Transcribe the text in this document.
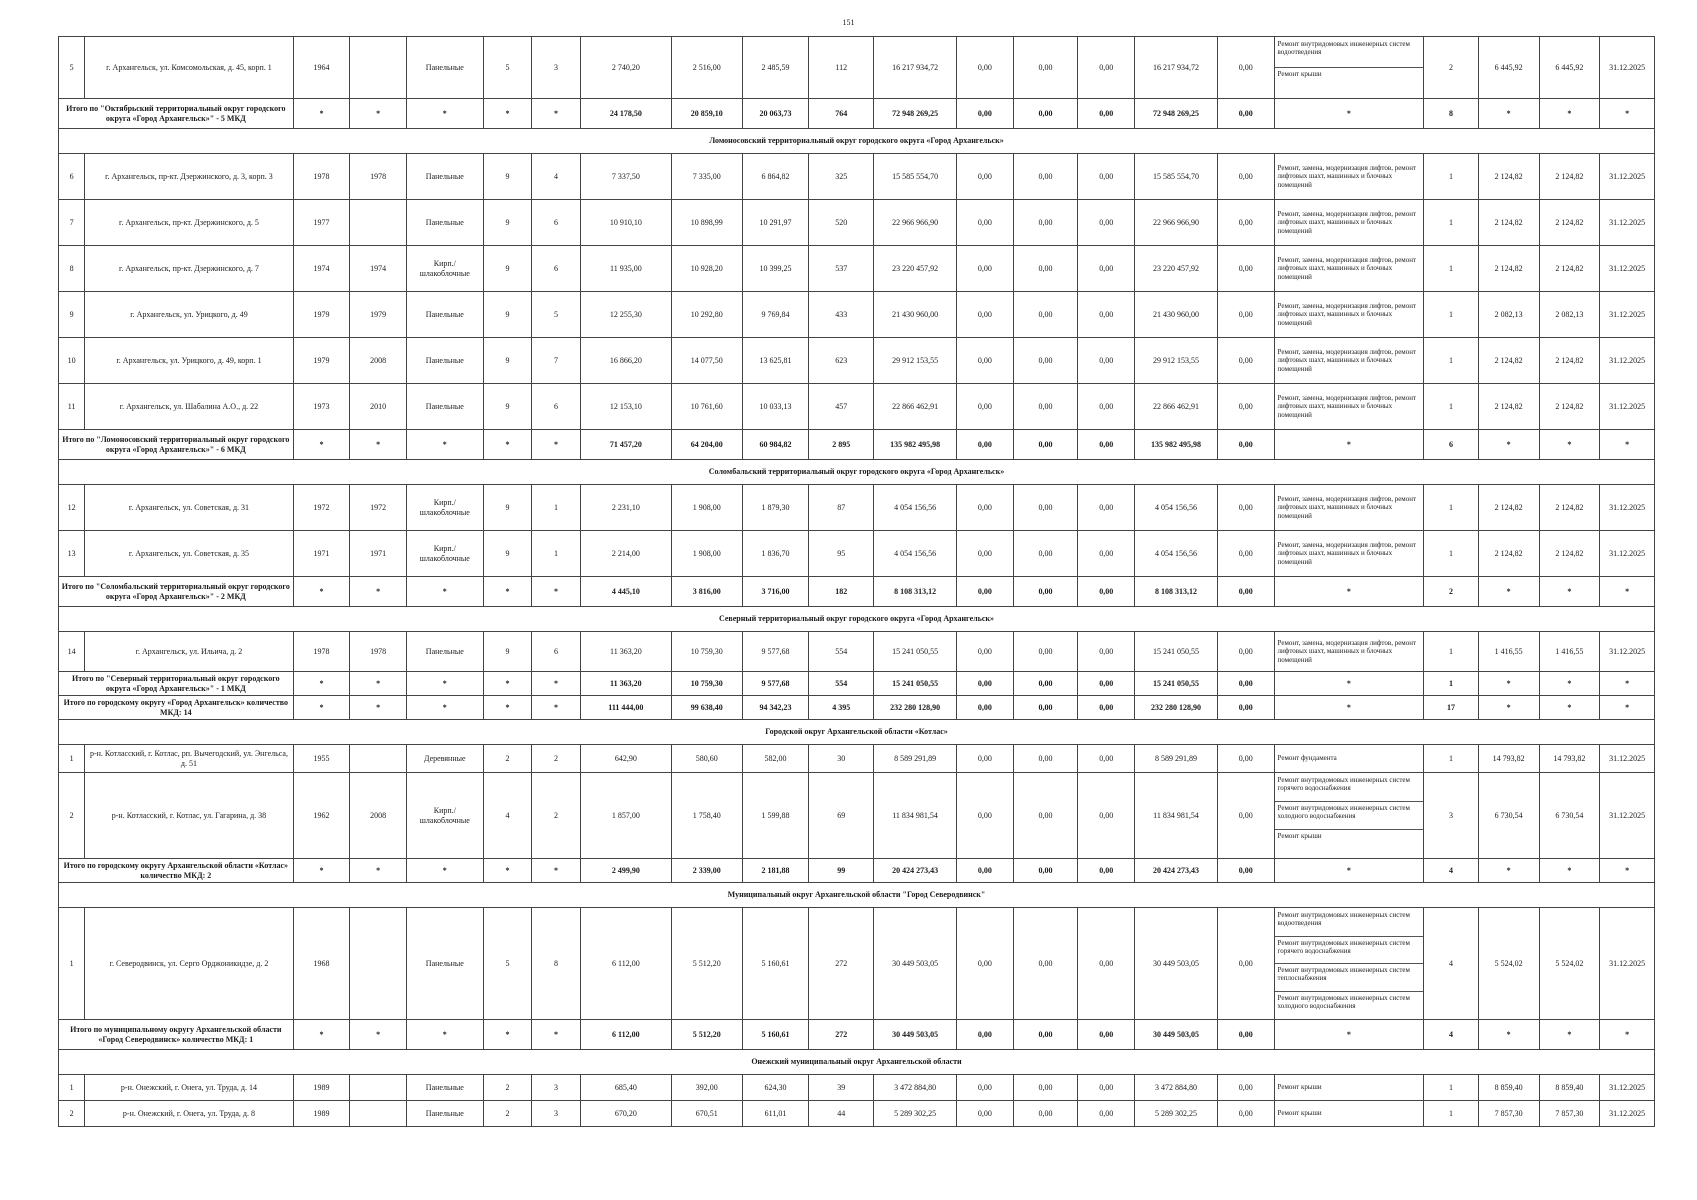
151
5	г. Архангельск, ул. Комсомольская, д. 45, корп. 1	1964		Панельные	5	3	2 740,20	2 516,00	2 485,59	112	16 217 934,72	0,00	0,00	0,00	16 217 934,72	0,00	Ремонт внутридомовых инженерных систем водоотведения
Ремонт крыши	2	6 445,92	6 445,92	31.12.2025
Итого по "Октябрьский территориальный округ городского округа «Город Архангельск»" - 5 МКД		*	*	*	*	*	24 178,50	20 859,10	20 063,73	764	72 948 269,25	0,00	0,00	0,00	72 948 269,25	0,00	*	8	*	*	*
Ломоносовский территориальный округ городского округа «Город Архангельск»																					
6	г. Архангельск, пр-кт. Дзержинского, д. 3, корп. 3	1978	1978	Панельные	9	4	7 337,50	7 335,00	6 864,82	325	15 585 554,70	0,00	0,00	0,00	15 585 554,70	0,00	Ремонт, замена, модернизация лифтов, ремонт лифтовых шахт, машинных и блочных помещений	1	2 124,82	2 124,82	31.12.2025
7	г. Архангельск, пр-кт. Дзержинского, д. 5	1977		Панельные	9	6	10 910,10	10 898,99	10 291,97	520	22 966 966,90	0,00	0,00	0,00	22 966 966,90	0,00	Ремонт, замена, модернизация лифтов, ремонт лифтовых шахт, машинных и блочных помещений	1	2 124,82	2 124,82	31.12.2025
8	г. Архангельск, пр-кт. Дзержинского, д. 7	1974	1974	Кирп./шлакоблочные	9	6	11 935,00	10 928,20	10 399,25	537	23 220 457,92	0,00	0,00	0,00	23 220 457,92	0,00	Ремонт, замена, модернизация лифтов, ремонт лифтовых шахт, машинных и блочных помещений	1	2 124,82	2 124,82	31.12.2025
9	г. Архангельск, ул. Урицкого, д. 49	1979	1979	Панельные	9	5	12 255,30	10 292,80	9 769,84	433	21 430 960,00	0,00	0,00	0,00	21 430 960,00	0,00	Ремонт, замена, модернизация лифтов, ремонт лифтовых шахт, машинных и блочных помещений	1	2 082,13	2 082,13	31.12.2025
10	г. Архангельск, ул. Урицкого, д. 49, корп. 1	1979	2008	Панельные	9	7	16 866,20	14 077,50	13 625,81	623	29 912 153,55	0,00	0,00	0,00	29 912 153,55	0,00	Ремонт, замена, модернизация лифтов, ремонт лифтовых шахт, машинных и блочных помещений	1	2 124,82	2 124,82	31.12.2025
11	г. Архангельск, ул. Шабалина А.О., д. 22	1973	2010	Панельные	9	6	12 153,10	10 761,60	10 033,13	457	22 866 462,91	0,00	0,00	0,00	22 866 462,91	0,00	Ремонт, замена, модернизация лифтов, ремонт лифтовых шахт, машинных и блочных помещений	1	2 124,82	2 124,82	31.12.2025
Итого по "Ломоносовский территориальный округ городского округа «Город Архангельск»" - 6 МКД		*	*	*	*	*	71 457,20	64 204,00	60 984,82	2 895	135 982 495,98	0,00	0,00	0,00	135 982 495,98	0,00	*	6	*	*	*
Соломбальский территориальный округ городского округа «Город Архангельск»																					
12	г. Архангельск, ул. Советская, д. 31	1972	1972	Кирп./шлакоблочные	9	1	2 231,10	1 908,00	1 879,30	87	4 054 156,56	0,00	0,00	0,00	4 054 156,56	0,00	Ремонт, замена, модернизация лифтов, ремонт лифтовых шахт, машинных и блочных помещений	1	2 124,82	2 124,82	31.12.2025
13	г. Архангельск, ул. Советская, д. 35	1971	1971	Кирп./шлакоблочные	9	1	2 214,00	1 908,00	1 836,70	95	4 054 156,56	0,00	0,00	0,00	4 054 156,56	0,00	Ремонт, замена, модернизация лифтов, ремонт лифтовых шахт, машинных и блочных помещений	1	2 124,82	2 124,82	31.12.2025
Итого по "Соломбальский территориальный округ городского округа «Город Архангельск»" - 2 МКД		*	*	*	*	*	4 445,10	3 816,00	3 716,00	182	8 108 313,12	0,00	0,00	0,00	8 108 313,12	0,00	*	2	*	*	*
Северный территориальный округ городского округа «Город Архангельск»																					
14	г. Архангельск, ул. Ильича, д. 2	1978	1978	Панельные	9	6	11 363,20	10 759,30	9 577,68	554	15 241 050,55	0,00	0,00	0,00	15 241 050,55	0,00	Ремонт, замена, модернизация лифтов, ремонт лифтовых шахт, машинных и блочных помещений	1	1 416,55	1 416,55	31.12.2025
Итого по "Северный территориальный округ городского округа «Город Архангельск»" - 1 МКД		*	*	*	*	*	11 363,20	10 759,30	9 577,68	554	15 241 050,55	0,00	0,00	0,00	15 241 050,55	0,00	*	1	*	*	*
Итого по городскому округу «Город Архангельск» количество МКД: 14		*	*	*	*	*	111 444,00	99 638,40	94 342,23	4 395	232 280 128,90	0,00	0,00	0,00	232 280 128,90	0,00	*	17	*	*	*
Городской округ Архангельской области «Котлас»																					
1	р-н. Котласский, г. Котлас, рп. Вычегодский, ул. Энгельса, д. 51	1955		Деревянные	2	2	642,90	580,60	582,00	30	8 589 291,89	0,00	0,00	0,00	8 589 291,89	0,00	Ремонт фундамента	1	14 793,82	14 793,82	31.12.2025
2	р-н. Котласский, г. Котлас, ул. Гагарина, д. 38	1962	2008	Кирп./шлакоблочные	4	2	1 857,00	1 758,40	1 599,88	69	11 834 981,54	0,00	0,00	0,00	11 834 981,54	0,00	Ремонт внутридомовых инженерных систем горячего водоснабжения
Ремонт внутридомовых инженерных систем холодного водоснабжения
Ремонт крыши	3	6 730,54	6 730,54	31.12.2025
Итого по городскому округу Архангельской области «Котлас» количество МКД: 2		*	*	*	*	*	2 499,90	2 339,00	2 181,88	99	20 424 273,43	0,00	0,00	0,00	20 424 273,43	0,00	*	4	*	*	*
Муниципальный округ Архангельской области "Город Северодвинск"																					
1	г. Северодвинск, ул. Серго Орджоникидзе, д. 2	1968		Панельные	5	8	6 112,00	5 512,20	5 160,61	272	30 449 503,05	0,00	0,00	0,00	30 449 503,05	0,00	Ремонт внутридомовых инженерных систем водоотведения
Ремонт внутридомовых инженерных систем горячего водоснабжения
Ремонт внутридомовых инженерных систем теплоснабжения
Ремонт внутридомовых инженерных систем холодного водоснабжения	4	5 524,02	5 524,02	31.12.2025
Итого по муниципальному округу Архангельской области «Город Северодвинск» количество МКД: 1		*	*	*	*	*	6 112,00	5 512,20	5 160,61	272	30 449 503,05	0,00	0,00	0,00	30 449 503,05	0,00	*	4	*	*	*
Онежский муниципальный округ Архангельской области																					
1	р-н. Онежский, г. Онега, ул. Труда, д. 14	1989		Панельные	2	3	685,40	392,00	624,30	39	3 472 884,80	0,00	0,00	0,00	3 472 884,80	0,00	Ремонт крыши	1	8 859,40	8 859,40	31.12.2025
2	р-н. Онежский, г. Онега, ул. Труда, д. 8	1989		Панельные	2	3	670,20	670,51	611,01	44	5 289 302,25	0,00	0,00	0,00	5 289 302,25	0,00	Ремонт крыши	1	7 857,30	7 857,30	31.12.2025
